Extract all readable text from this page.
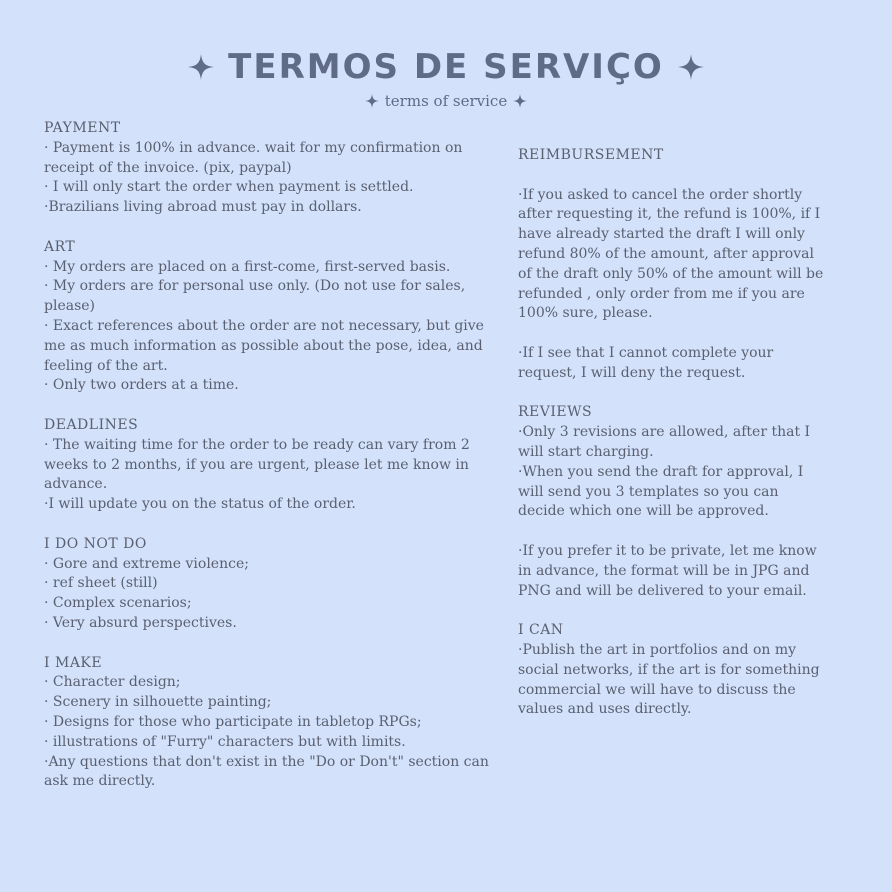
TERMOS DE SERVIÇO
terms of service
PAYMENT
· Payment is 100% in advance. wait for my confirmation on receipt of the invoice. (pix, paypal)
· I will only start the order when payment is settled.
·Brazilians living abroad must pay in dollars.
ART
· My orders are placed on a first-come, first-served basis.
· My orders are for personal use only. (Do not use for sales, please)
· Exact references about the order are not necessary, but give me as much information as possible about the pose, idea, and feeling of the art.
· Only two orders at a time.
DEADLINES
· The waiting time for the order to be ready can vary from 2 weeks to 2 months, if you are urgent, please let me know in advance.
·I will update you on the status of the order.
I DO NOT DO
· Gore and extreme violence;
· ref sheet (still)
· Complex scenarios;
· Very absurd perspectives.
I MAKE
· Character design;
· Scenery in silhouette painting;
· Designs for those who participate in tabletop RPGs;
· illustrations of "Furry" characters but with limits.
·Any questions that don't exist in the "Do or Don't" section can ask me directly.
REIMBURSEMENT
·If you asked to cancel the order shortly after requesting it, the refund is 100%, if I have already started the draft I will only refund 80% of the amount, after approval of the draft only 50% of the amount will be refunded , only order from me if you are 100% sure, please.
·If I see that I cannot complete your request, I will deny the request.
REVIEWS
·Only 3 revisions are allowed, after that I will start charging.
·When you send the draft for approval, I will send you 3 templates so you can decide which one will be approved.
·If you prefer it to be private, let me know in advance, the format will be in JPG and PNG and will be delivered to your email.
I CAN
·Publish the art in portfolios and on my social networks, if the art is for something commercial we will have to discuss the values and uses directly.
